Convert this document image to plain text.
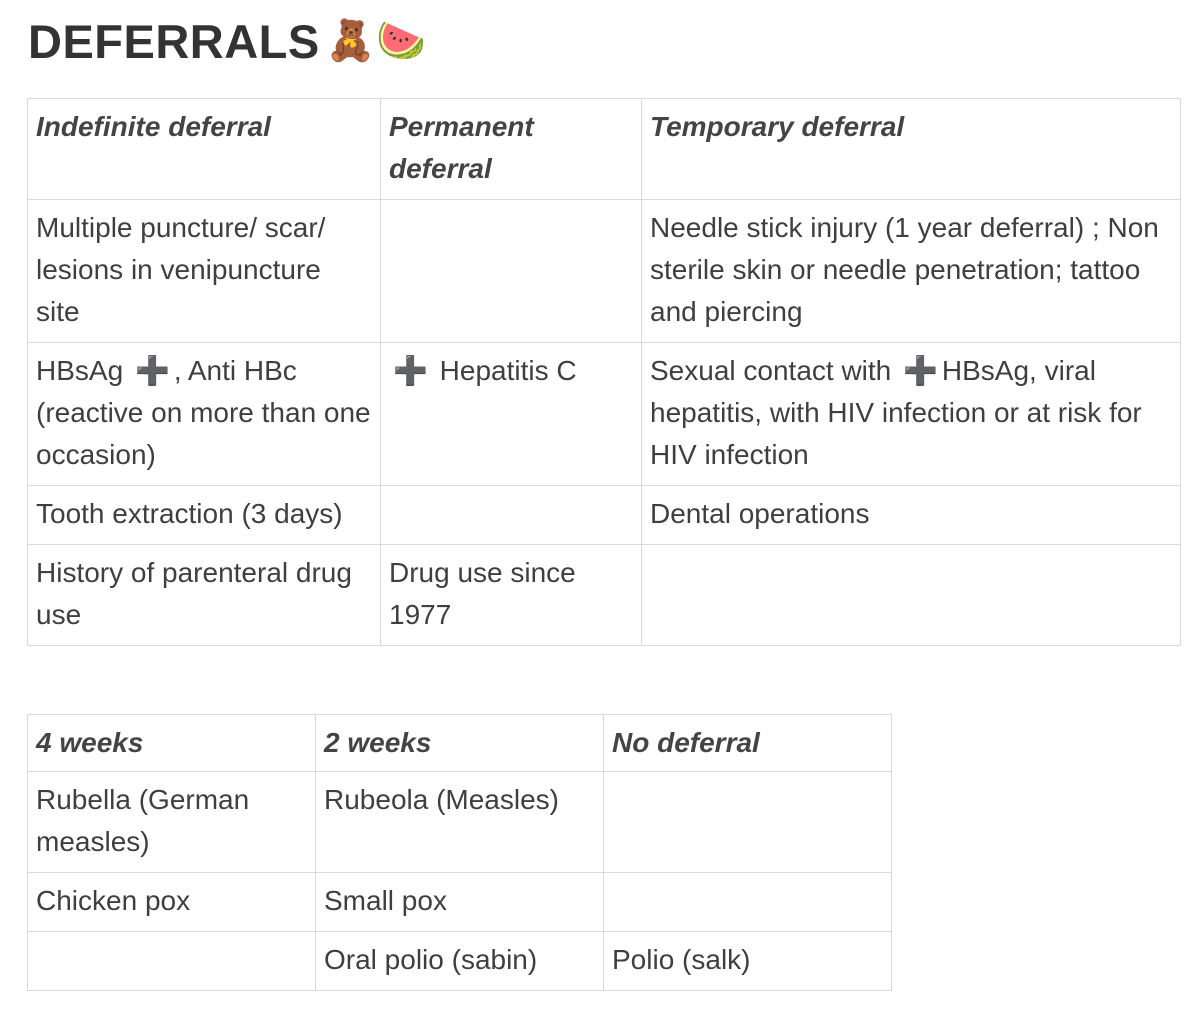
DEFERRALS 🧸🍉
Indefinite deferral	Permanent deferral	Temporary deferral
Multiple puncture/ scar/ lesions in venipuncture site		Needle stick injury (1 year deferral) ; Non sterile skin or needle penetration; tattoo and piercing
HBsAg ➕ , Anti HBc (reactive on more than one occasion)	➕ Hepatitis C	Sexual contact with ➕ HBsAg, viral hepatitis, with HIV infection or at risk for HIV infection
Tooth extraction (3 days)		Dental operations
History of parenteral drug use	Drug use since 1977	
4 weeks	2 weeks	No deferral
Rubella (German measles)	Rubeola (Measles)	
Chicken pox	Small pox	
	Oral polio (sabin)	Polio (salk)
